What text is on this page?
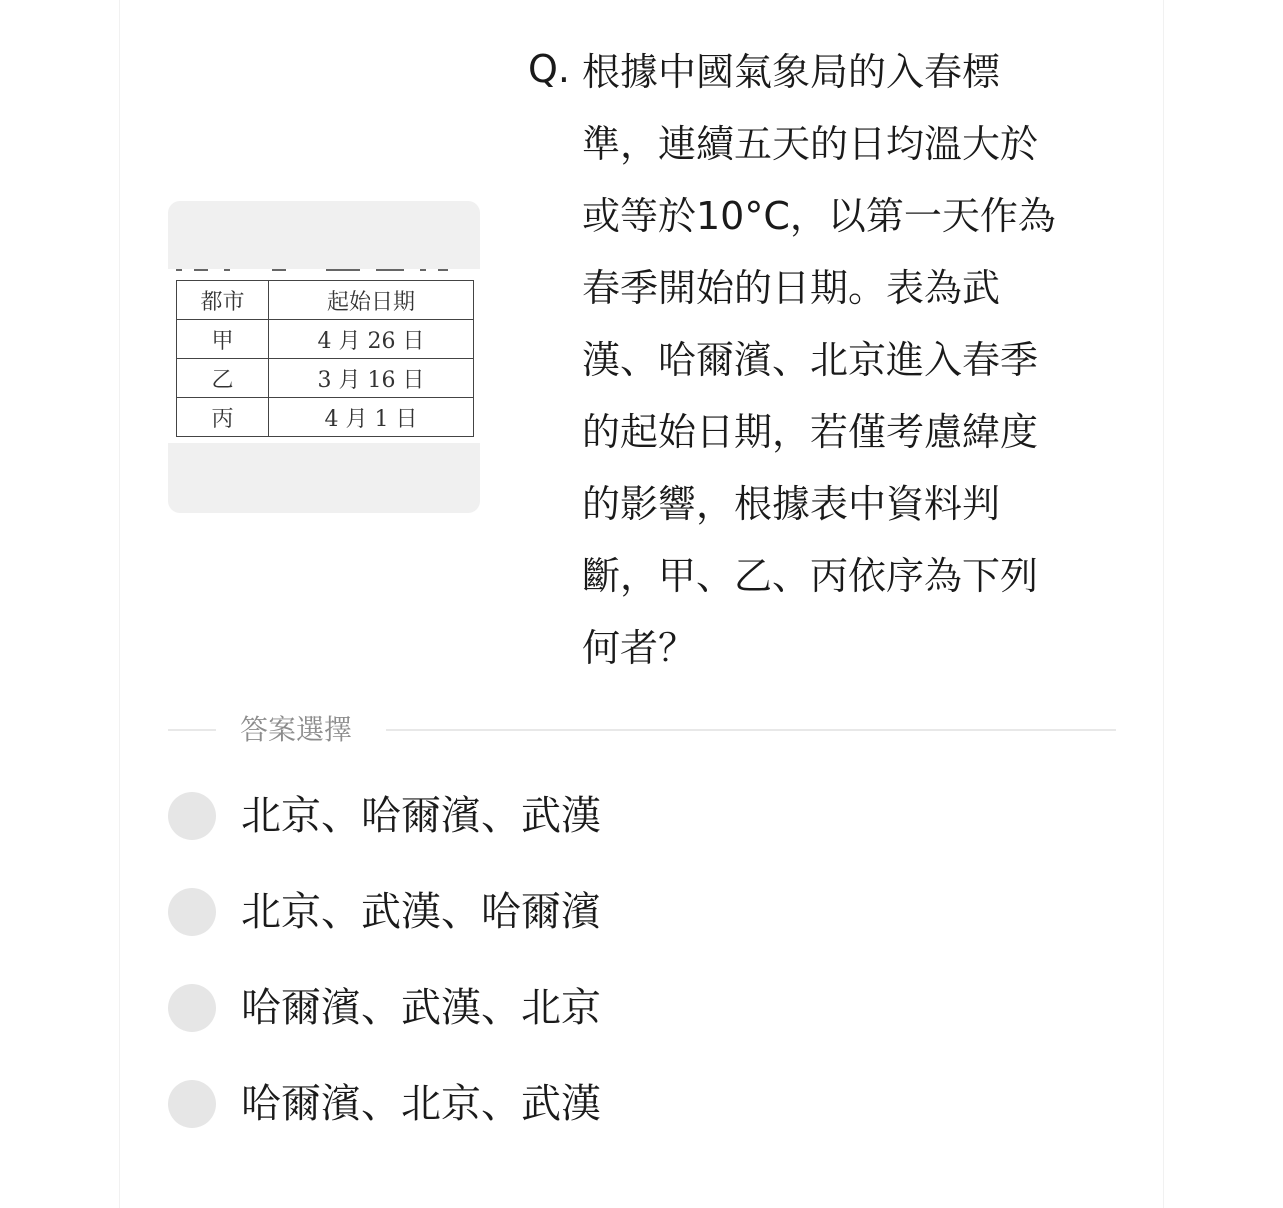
都市	起始日期
甲	4 月 26 日
乙	3 月 16 日
丙	4 月 1 日
Q. 根據中國氣象局的入春標
準，連續五天的日均溫大於
或等於10°C，以第一天作為
春季開始的日期。表為武
漢、哈爾濱、北京進入春季
的起始日期，若僅考慮緯度
的影響，根據表中資料判
斷，甲、乙、丙依序為下列
何者？
答案選擇
北京、哈爾濱、武漢
北京、武漢、哈爾濱
哈爾濱、武漢、北京
哈爾濱、北京、武漢
